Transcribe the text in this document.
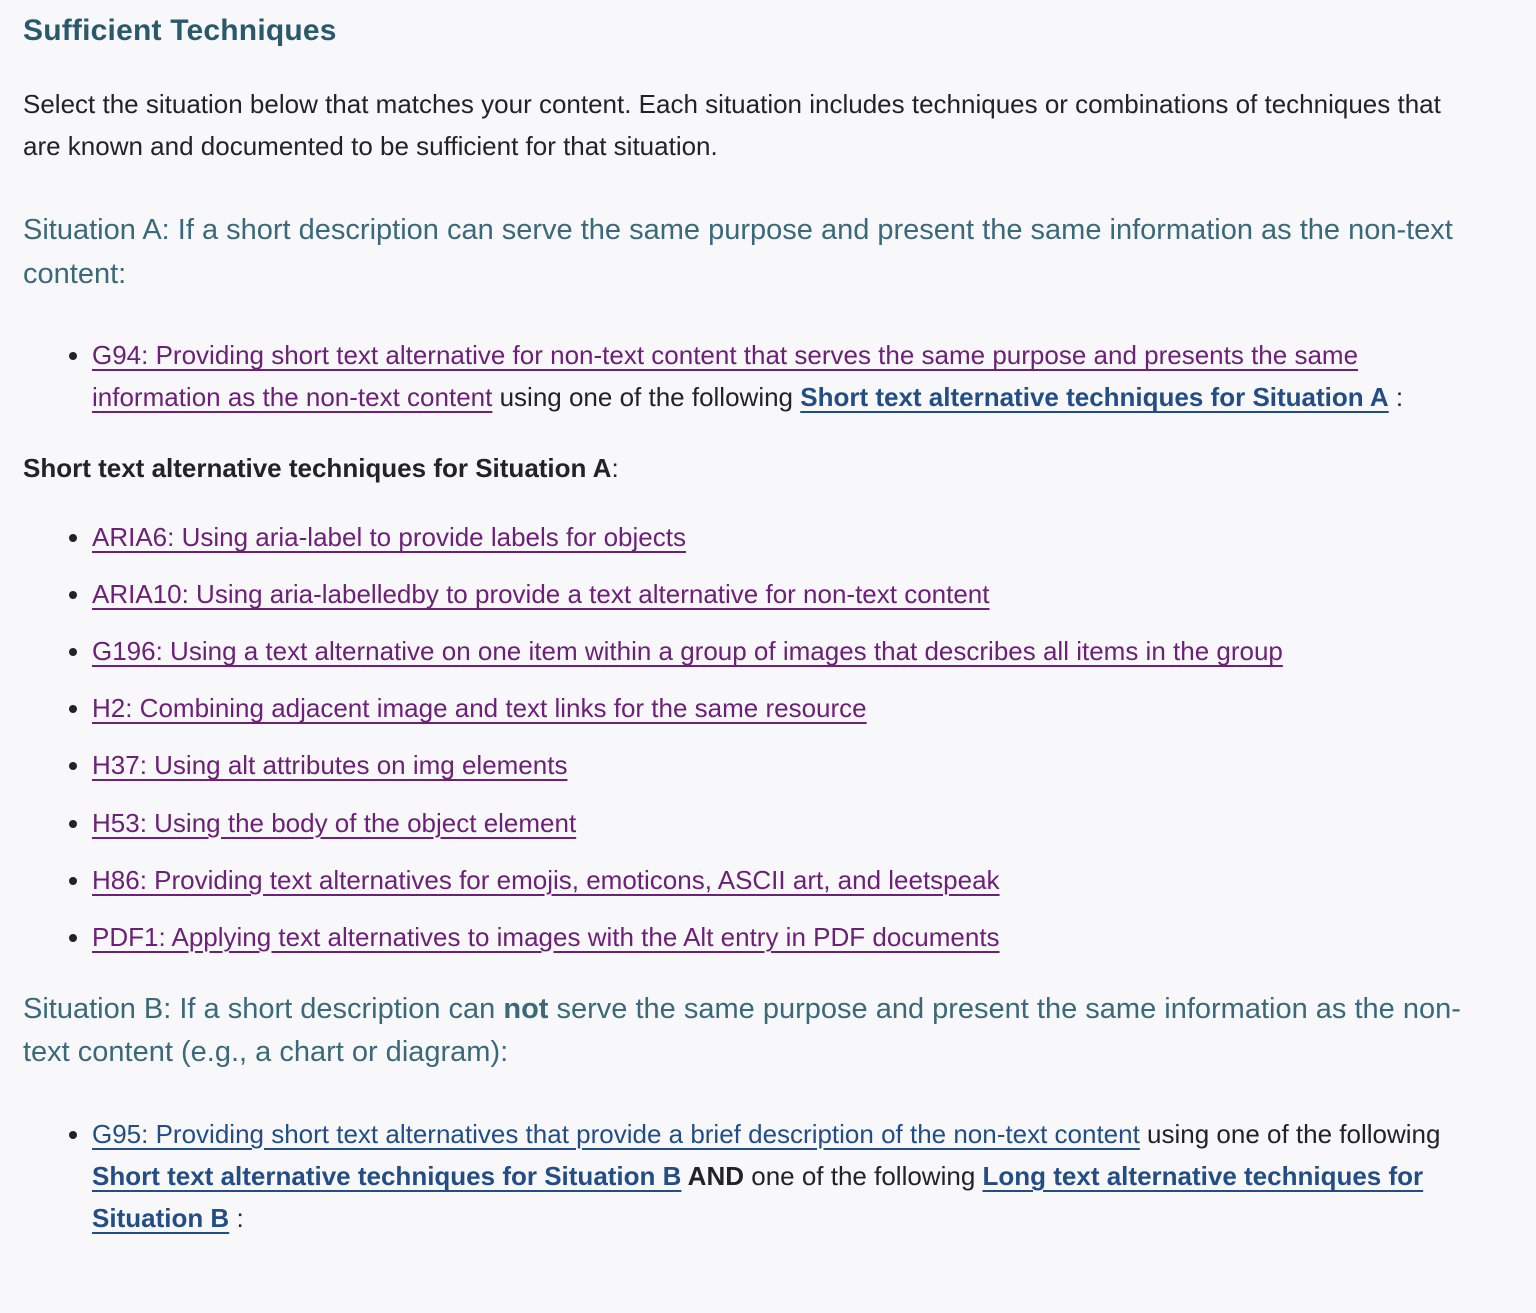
Sufficient Techniques

Select the situation below that matches your content. Each situation includes techniques or combinations of techniques that are known and documented to be sufficient for that situation.

Situation A: If a short description can serve the same purpose and present the same information as the non-text content:
• G94: Providing short text alternative for non-text content that serves the same purpose and presents the same information as the non-text content using one of the following Short text alternative techniques for Situation A :

Short text alternative techniques for Situation A:

• ARIA6: Using aria-label to provide labels for objects
• ARIA10: Using aria-labelledby to provide a text alternative for non-text content
• G196: Using a text alternative on one item within a group of images that describes all items in the group
• H2: Combining adjacent image and text links for the same resource
• H37: Using alt attributes on img elements
• H53: Using the body of the object element
• H86: Providing text alternatives for emojis, emoticons, ASCII art, and leetspeak
• PDF1: Applying text alternatives to images with the Alt entry in PDF documents
Situation B: If a short description can not serve the same purpose and present the same information as the non-text content (e.g., a chart or diagram):
• G95: Providing short text alternatives that provide a brief description of the non-text content using one of the following Short text alternative techniques for Situation B AND one of the following Long text alternative techniques for Situation B :
